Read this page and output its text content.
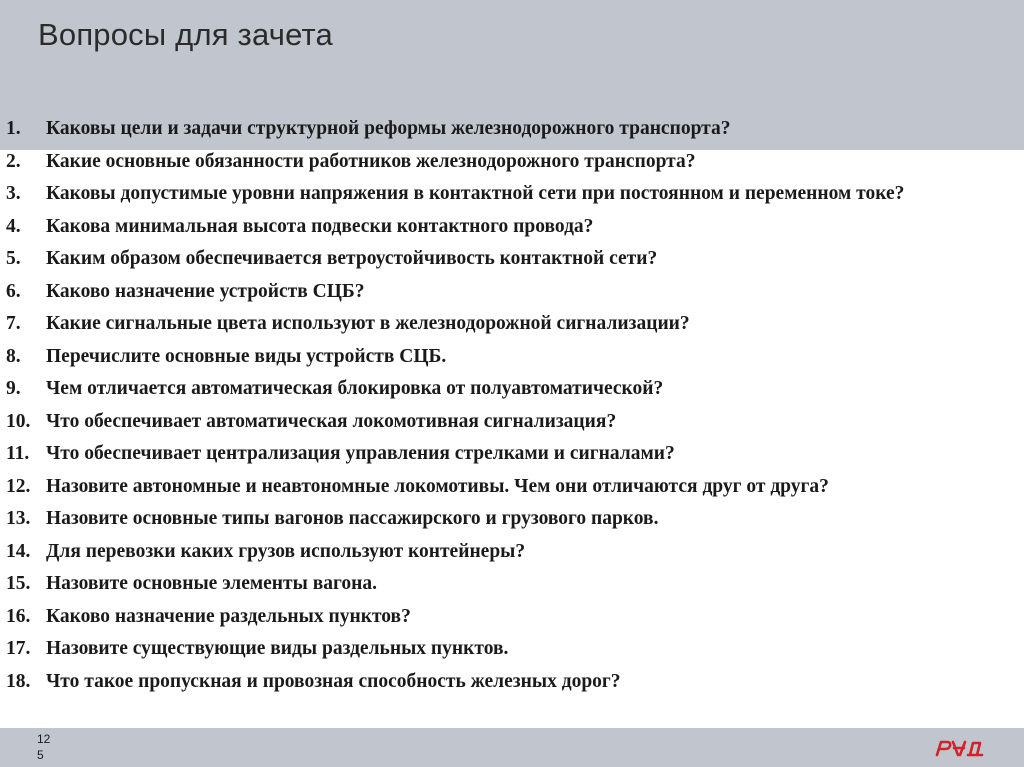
Вопросы для зачета
1. Каковы цели и задачи структурной реформы железнодорожного транспорта?
2. Какие основные обязанности работников железнодорожного транспорта?
3. Каковы допустимые уровни напряжения в контактной сети при постоянном и переменном токе?
4. Какова минимальная высота подвески контактного провода?
5. Каким образом обеспечивается ветроустойчивость контактной сети?
6. Каково назначение устройств СЦБ?
7. Какие сигнальные цвета используют в железнодорожной сигнализации?
8. Перечислите основные виды устройств СЦБ.
9. Чем отличается автоматическая блокировка от полуавтоматической?
10. Что обеспечивает автоматическая локомотивная сигнализация?
11. Что обеспечивает централизация управления стрелками и сигналами?
12. Назовите автономные и неавтономные локомотивы. Чем они отличаются друг от друга?
13. Назовите основные типы вагонов пассажирского и грузового парков.
14. Для перевозки каких грузов используют контейнеры?
15. Назовите основные элементы вагона.
16. Каково назначение раздельных пунктов?
17. Назовите существующие виды раздельных пунктов.
18. Что такое пропускная и провозная способность железных дорог?
125
